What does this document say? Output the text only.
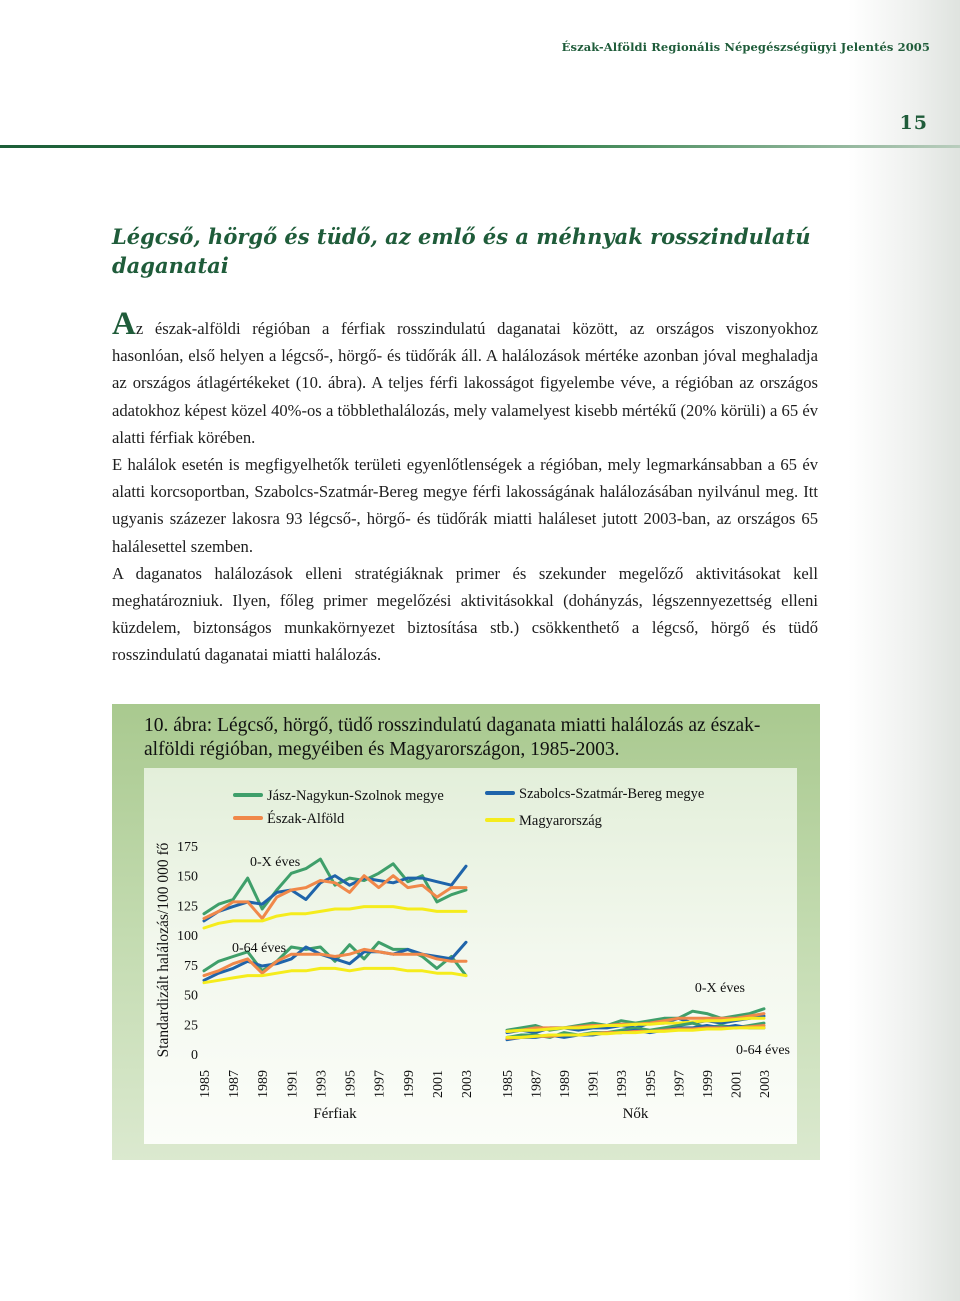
Észak-Alföldi Regionális Népegészségügyi Jelentés 2005
15
Légcső, hörgő és tüdő, az emlő és a méhnyak rosszindulatú daganatai

Az észak-alföldi régióban a férfiak rosszindulatú daganatai között, az országos viszonyokhoz hasonlóan, első helyen a légcső-, hörgő- és tüdőrák áll. A halálozások mértéke azonban jóval meghaladja az országos átlagértékeket (10. ábra). A teljes férfi lakosságot figyelembe véve, a régióban az országos adatokhoz képest közel 40%-os a többlethalálozás, mely valamelyest kisebb mértékű (20% körüli) a 65 év alatti férfiak körében.

E halálok esetén is megfigyelhetők területi egyenlőtlenségek a régióban, mely legmarkánsabban a 65 év alatti korcsoportban, Szabolcs-Szatmár-Bereg megye férfi lakosságának halálozásában nyilvánul meg. Itt ugyanis százezer lakosra 93 légcső-, hörgő- és tüdőrák miatti haláleset jutott 2003-ban, az országos 65 halálesettel szemben.

A daganatos halálozások elleni stratégiáknak primer és szekunder megelőző aktivitásokat kell meghatározniuk. Ilyen, főleg primer megelőzési aktivitásokkal (dohányzás, légszennyezettség elleni küzdelem, biztonságos munkakörnyezet biztosítása stb.) csökkenthető a légcső, hörgő és tüdő rosszindulatú daganatai miatti halálozás.

10. ábra: Légcső, hörgő, tüdő rosszindulatú daganata miatti halálozás az észak-alföldi régióban, megyéiben és Magyarországon, 1985-2003.

Standardizált halálozás/100 000 fő 0
25
50
75
100
125
150
175
Jász-Nagykun-Szolnok megye	Szabolcs-Szatmár-Bereg megye
Észak-Alföld	Magyarország
1985 1987 1989 1991 1993 1995 1997 1999 2001 2003
Férfiak
1985 1987 1989 1991 1993 1995 1997 1999 2001 2003
Nők
0-X éves
0-64 éves
0-X éves
0-64 éves
